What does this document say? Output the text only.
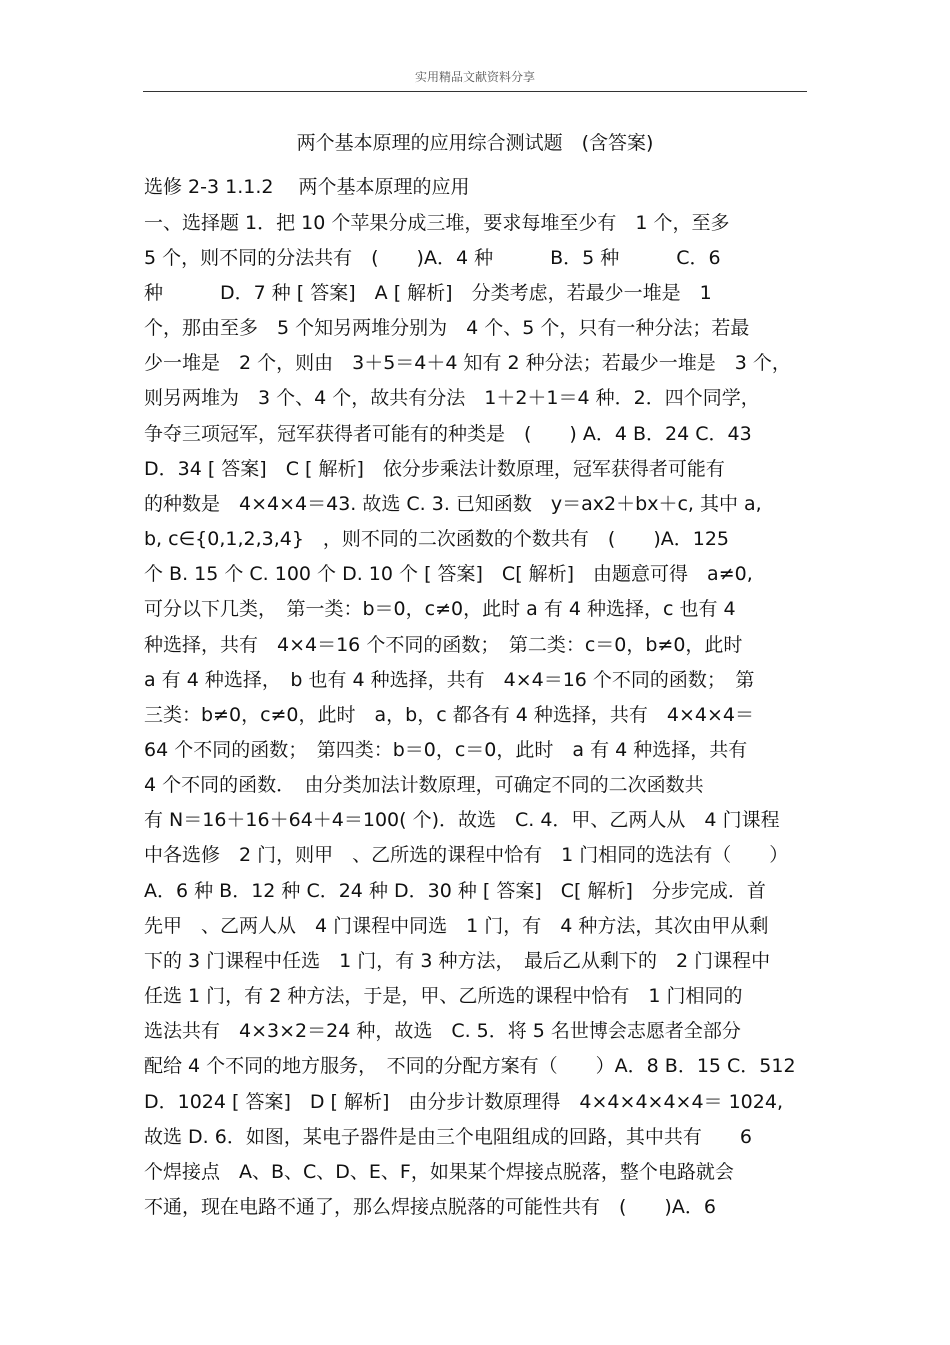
实用精品文献资料分享
两个基本原理的应用综合测试题　(含答案)
选修 2-3 1.1.2　 两个基本原理的应用
一、选择题 1．把 10 个苹果分成三堆，要求每堆至少有　1 个，至多
5 个，则不同的分法共有　(　　)A．4 种　　　B．5 种　　　C．6
种　　　D．7 种 [ 答案]　A [ 解析]　分类考虑，若最少一堆是　1
个，那由至多　5 个知另两堆分别为　4 个、5 个，只有一种分法；若最
少一堆是　2 个，则由　3＋5＝4＋4 知有 2 种分法；若最少一堆是　3 个，
则另两堆为　3 个、4 个，故共有分法　1＋2＋1＝4 种．2．四个同学，
争夺三项冠军，冠军获得者可能有的种类是　(　　) A．4 B．24 C．43
D．34 [ 答案]　C [ 解析]　依分步乘法计数原理，冠军获得者可能有
的种数是　4×4×4＝43. 故选 C. 3. 已知函数　y＝ax2＋bx＋c, 其中 a,
b, c∈{0,1,2,3,4}　，则不同的二次函数的个数共有　(　　)A．125
个 B. 15 个 C. 100 个 D. 10 个 [ 答案]　C[ 解析]　由题意可得　a≠0,
可分以下几类，　第一类：b＝0，c≠0，此时 a 有 4 种选择，c 也有 4
种选择，共有　4×4＝16 个不同的函数；　第二类：c＝0，b≠0，此时
a 有 4 种选择，　b 也有 4 种选择，共有　4×4＝16 个不同的函数；　第
三类：b≠0，c≠0，此时　a，b，c 都各有 4 种选择，共有　4×4×4＝
64 个不同的函数；　第四类：b＝0，c＝0，此时　a 有 4 种选择，共有
4 个不同的函数．　由分类加法计数原理，可确定不同的二次函数共
有 N＝16＋16＋64＋4＝100( 个)．故选　C. 4．甲、乙两人从　4 门课程
中各选修　2 门，则甲　、乙所选的课程中恰有　1 门相同的选法有（　　）
A．6 种 B．12 种 C．24 种 D．30 种 [ 答案]　C[ 解析]　分步完成．首
先甲　、乙两人从　4 门课程中同选　1 门，有　4 种方法，其次由甲从剩
下的 3 门课程中任选　1 门，有 3 种方法，　最后乙从剩下的　2 门课程中
任选 1 门，有 2 种方法，于是，甲、乙所选的课程中恰有　1 门相同的
选法共有　4×3×2＝24 种，故选　C. 5．将 5 名世博会志愿者全部分
配给 4 个不同的地方服务，　不同的分配方案有（　　）A．8 B．15 C．512
D．1024 [ 答案]　D [ 解析]　由分步计数原理得　4×4×4×4×4＝ 1024,
故选 D. 6．如图，某电子器件是由三个电阻组成的回路，其中共有　　6
个焊接点　A、B、C、D、E、F，如果某个焊接点脱落，整个电路就会
不通，现在电路不通了，那么焊接点脱落的可能性共有　(　　)A．6
